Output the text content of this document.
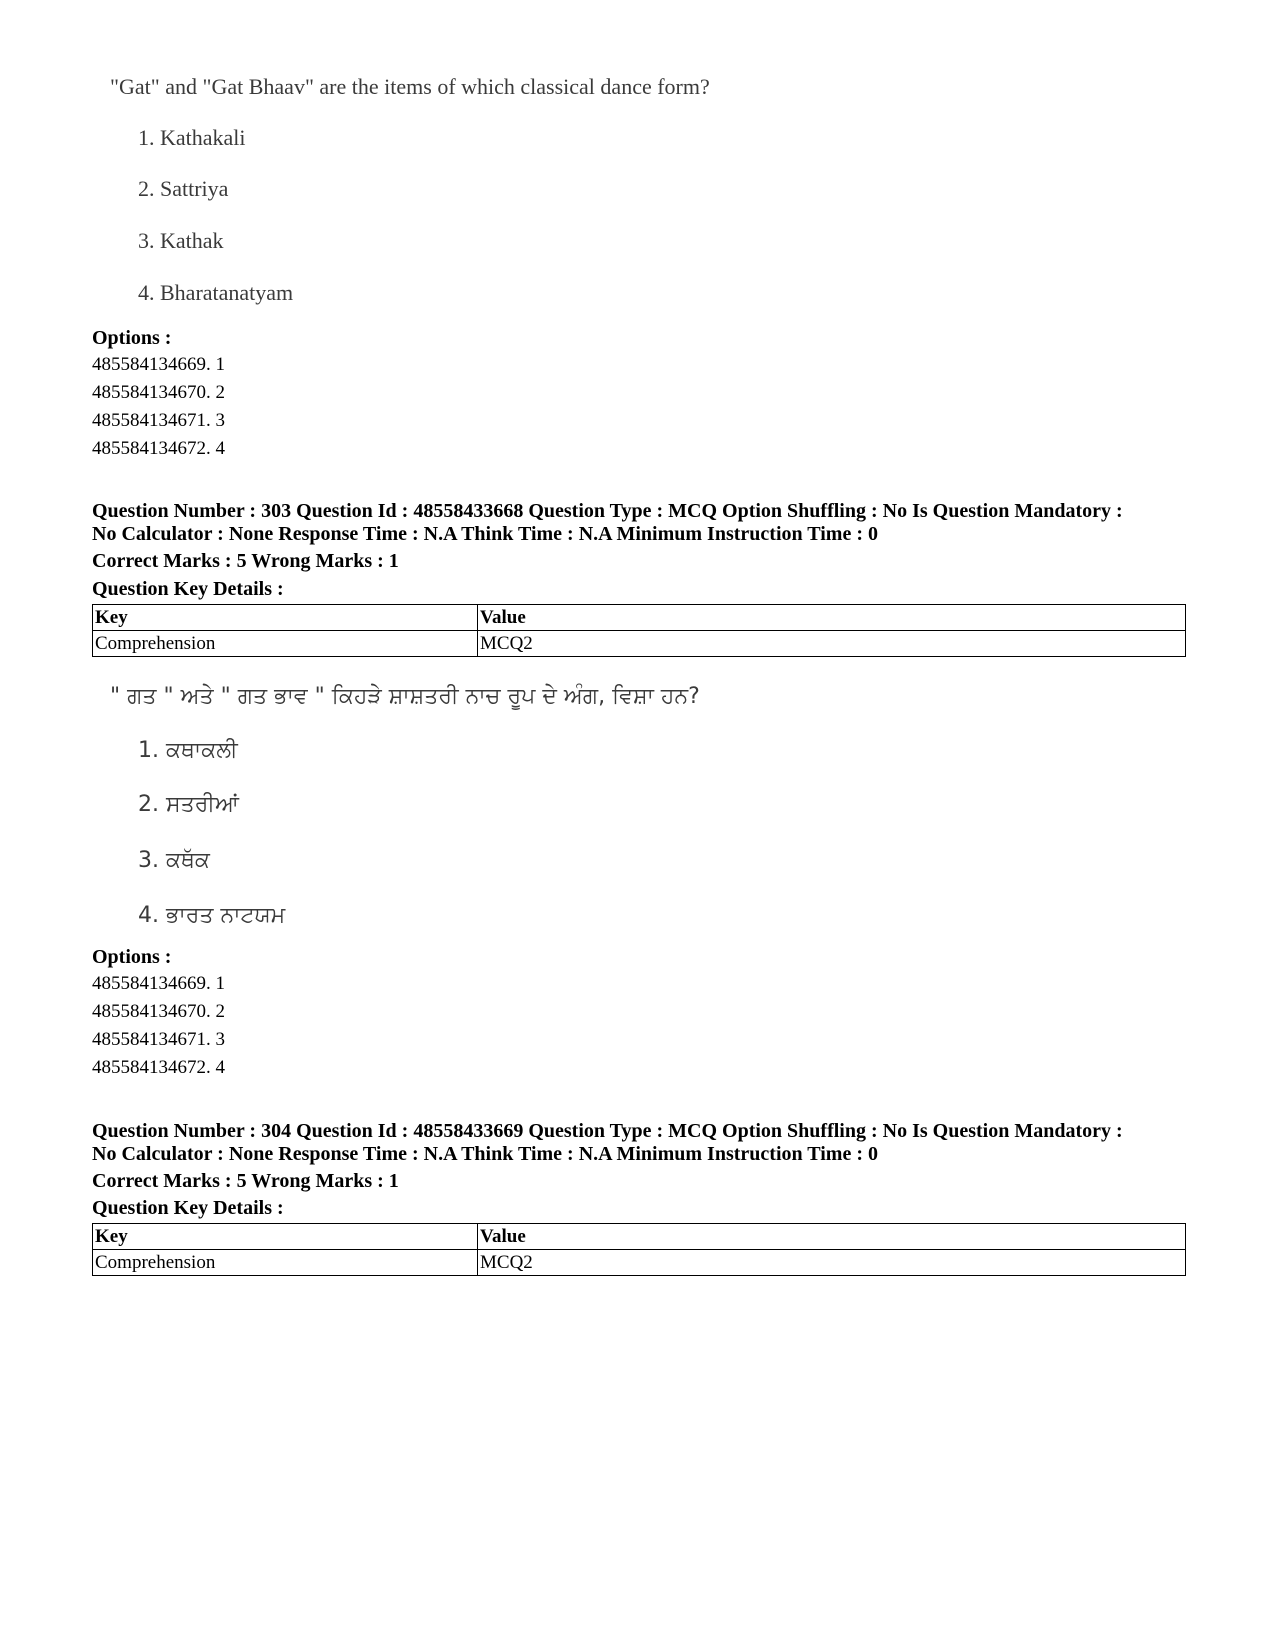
"Gat" and "Gat Bhaav" are the items of which classical dance form?
1. Kathakali
2. Sattriya
3. Kathak
4. Bharatanatyam
Options :
485584134669. 1
485584134670. 2
485584134671. 3
485584134672. 4
Question Number : 303 Question Id : 48558433668 Question Type : MCQ Option Shuffling : No Is Question Mandatory :
No Calculator : None Response Time : N.A Think Time : N.A Minimum Instruction Time : 0
Correct Marks : 5 Wrong Marks : 1
Question Key Details :
Key	Value
Comprehension	MCQ2
" ਗਤ " ਅਤੇ " ਗਤ ਭਾਵ " ਕਿਹੜੇ ਸ਼ਾਸ਼ਤਰੀ ਨਾਚ ਰੂਪ ਦੇ ਅੰਗ, ਵਿਸ਼ਾ ਹਨ?
1. ਕਥਾਕਲੀ
2. ਸਤਰੀਆਂ
3. ਕਥੱਕ
4. ਭਾਰਤ ਨਾਟਯਮ
Options :
485584134669. 1
485584134670. 2
485584134671. 3
485584134672. 4
Question Number : 304 Question Id : 48558433669 Question Type : MCQ Option Shuffling : No Is Question Mandatory :
No Calculator : None Response Time : N.A Think Time : N.A Minimum Instruction Time : 0
Correct Marks : 5 Wrong Marks : 1
Question Key Details :
Key	Value
Comprehension	MCQ2
